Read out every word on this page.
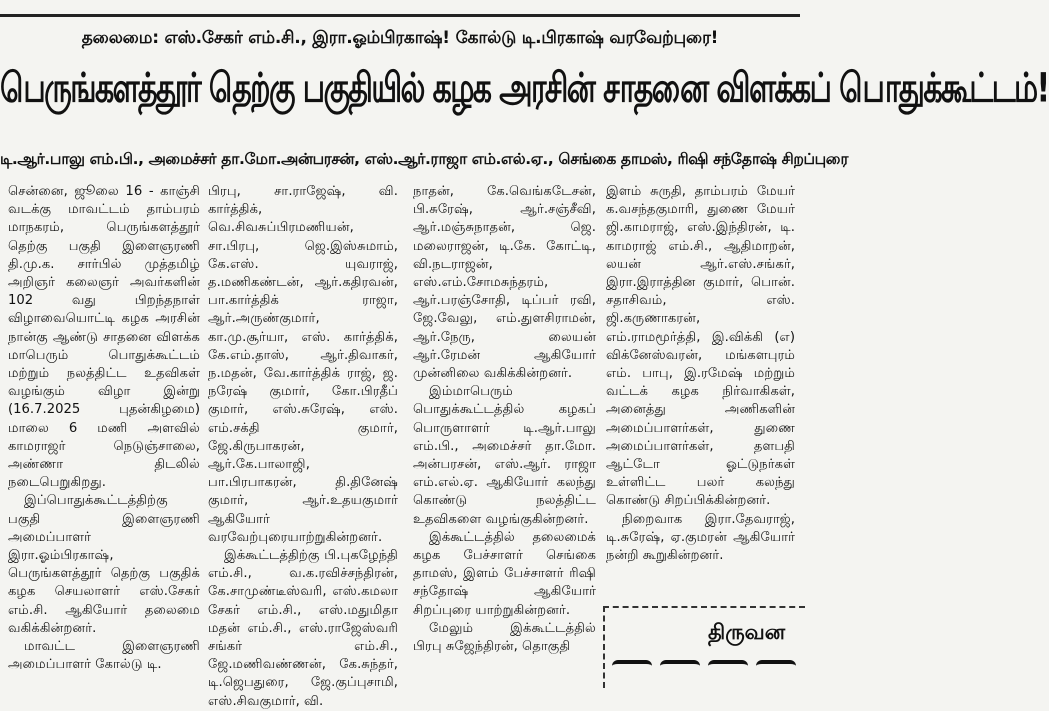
தலைமை: எஸ்.சேகர் எம்.சி., இரா.ஓம்பிரகாஷ்! கோல்டு டி.பிரகாஷ் வரவேற்புரை!
பெருங்களத்தூர் தெற்கு பகுதியில் கழக அரசின் சாதனை விளக்கப் பொதுக்கூட்டம்!
டி.ஆர்.பாலு எம்.பி., அமைச்சர் தா.மோ.அன்பரசன், எஸ்.ஆர்.ராஜா எம்.எல்.ஏ., செங்கை தாமஸ், ரிஷி சந்தோஷ் சிறப்புரை

சென்னை, ஜூலை 16 - காஞ்சி வடக்கு மாவட்டம் தாம்பரம் மாநகரம், பெருங்களத்தூர் தெற்கு பகுதி இளைஞரணி தி.மு.க. சார்பில் முத்தமிழ் அறிஞர் கலைஞர் அவர்களின் 102 வது பிறந்தநாள் விழாவையொட்டி கழக அரசின் நான்கு ஆண்டு சாதனை விளக்க மாபெரும் பொதுக்கூட்டம் மற்றும் நலத்திட்ட உதவிகள் வழங்கும் விழா இன்று (16.7.2025 புதன்கிழமை) மாலை 6 மணி அளவில் காமராஜர் நெடுஞ்சாலை, அண்ணா திடலில் நடைபெறுகிறது.

இப்பொதுக்கூட்டத்திற்கு பகுதி இளைஞரணி அமைப்பாளர் இரா.ஓம்பிரகாஷ், பெருங்களத்தூர் தெற்கு பகுதிக் கழக செயலாளர் எஸ்.சேகர் எம்.சி. ஆகியோர் தலைமை வகிக்கின்றனர்.

மாவட்ட இளைஞரணி அமைப்பாளர் கோல்டு டி.

பிரபு, சா.ராஜேஷ், வி. கார்த்திக், வெ.சிவசுப்பிரமணியன், சா.பிரபு, ஜெ.இஸ்சுமாம், கே.எஸ். யுவராஜ், த.மணிகண்டன், ஆர்.கதிரவன், பா.கார்த்திக் ராஜா, ஆர்.அருண்குமார், கா.மு.சூர்யா, எஸ். கார்த்திக், கே.எம்.தாஸ், ஆர்.திவாகர், ந.மதன், வே.கார்த்திக் ராஜ், ஜ. நரேஷ் குமார், கோ.பிரதீப் குமார், எஸ்.சுரேஷ், எஸ். எம்.சக்தி குமார், ஜே.கிருபாகரன், ஆர்.கே.பாலாஜி, பா.பிரபாகரன், தி.தினேஷ் குமார், ஆர்.உதயகுமார் ஆகியோர் வரவேற்புரையாற்றுகின்றனர்.

இக்கூட்டத்திற்கு பி.புகழேந்தி எம்.சி., வ.க.ரவிச்சந்திரன், கே.சாமுண்டீஸ்வரி, எஸ்.கமலா சேகர் எம்.சி., எஸ்.மதுமிதா மதன் எம்.சி., எஸ்.ராஜேஸ்வரி சங்கர் எம்.சி., ஜே.மணிவண்ணன், கே.சுந்தர், டி.ஜெபதுரை, ஜே.குப்புசாமி, எஸ்.சிவகுமார், வி.

நாதன், கே.வெங்கடேசன், பி.சுரேஷ், ஆர்.சஞ்சீவி, ஆர்.மஞ்சுநாதன், ஜெ. மலைராஜன், டி.கே. கோட்டி, வி.நடராஜன், எஸ்.எம்.சோமசுந்தரம், ஆர்.பரஞ்சோதி, டிப்பர் ரவி, ஜே.வேலு, எம்.துளசிராமன், ஆர்.நேரு, லையன் ஆர்.ரேமன் ஆகியோர் முன்னிலை வகிக்கின்றனர்.

இம்மாபெரும் பொதுக்கூட்டத்தில் கழகப் பொருளாளர் டி.ஆர்.பாலு எம்.பி., அமைச்சர் தா.மோ. அன்பரசன், எஸ்.ஆர். ராஜா எம்.எல்.ஏ. ஆகியோர் கலந்து கொண்டு நலத்திட்ட உதவிகளை வழங்குகின்றனர்.

இக்கூட்டத்தில் தலைமைக் கழக பேச்சாளர் செங்கை தாமஸ், இளம் பேச்சாளர் ரிஷி சந்தோஷ் ஆகியோர் சிறப்புரை யாற்றுகின்றனர்.

மேலும் இக்கூட்டத்தில் பிரபு சுஜேந்திரன், தொகுதி

இளம் சுருதி, தாம்பரம் மேயர் க.வசந்தகுமாரி, துணை மேயர் ஜி.காமராஜ், எஸ்.இந்திரன், டி. காமராஜ் எம்.சி., ஆதிமாறன், லயன் ஆர்.எஸ்.சங்கர், இரா.இராத்தின குமார், பொன். சதாசிவம், எஸ். ஜி.கருணாகரன், எம்.ராமமூர்த்தி, இ.விக்கி (எ) விக்னேஸ்வரன், மங்களபுரம் எம். பாபு, இ.ரமேஷ் மற்றும் வட்டக் கழக நிர்வாகிகள், அனைத்து அணிகளின் அமைப்பாளர்கள், துணை அமைப்பாளர்கள், தளபதி ஆட்டோ ஓட்டுநர்கள் உள்ளிட்ட பலர் கலந்து கொண்டு சிறப்பிக்கின்றனர்.

நிறைவாக இரா.தேவராஜ், டி.சுரேஷ், ஏ.குமரன் ஆகியோர் நன்றி கூறுகின்றனர்.

திருவன
